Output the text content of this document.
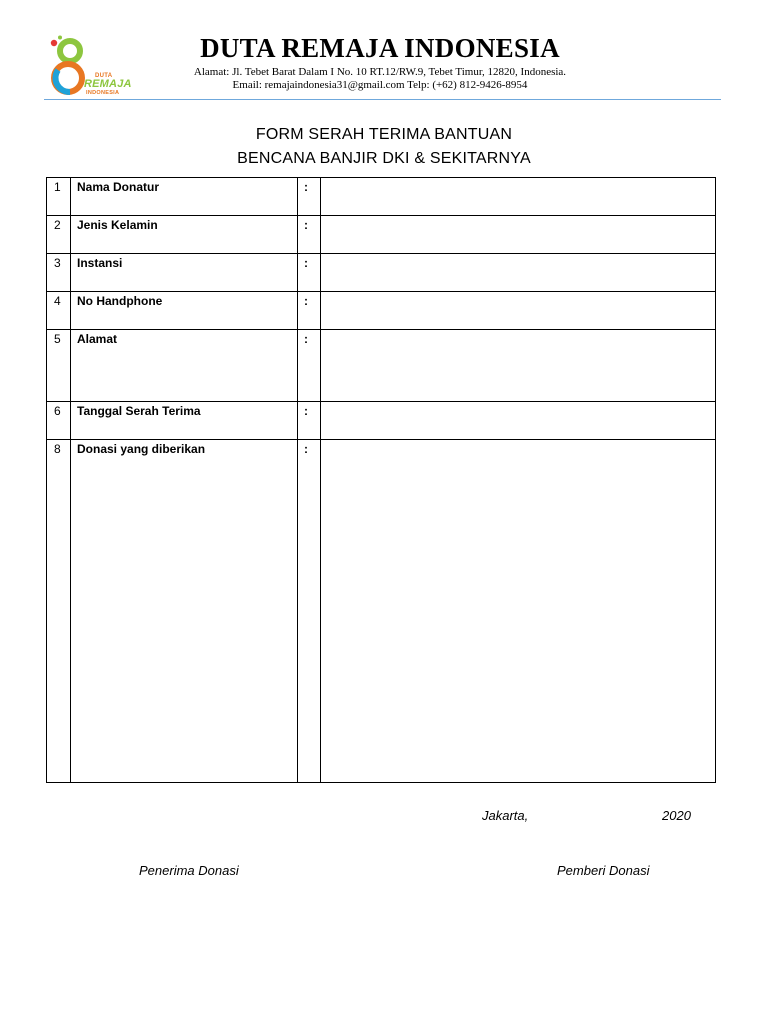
DUTA
REMAJA
INDONESIA
DUTA REMAJA INDONESIA
Alamat: Jl. Tebet Barat Dalam I No. 10 RT.12/RW.9, Tebet Timur, 12820, Indonesia.
Email: remajaindonesia31@gmail.com Telp: (+62) 812-9426-8954
FORM SERAH TERIMA BANTUAN
BENCANA BANJIR DKI & SEKITARNYA
1	Nama Donatur	:	
2	Jenis Kelamin	:	
3	Instansi	:	
4	No Handphone	:	
5	Alamat	:	
6	Tanggal Serah Terima	:	
8	Donasi yang diberikan	:	
Jakarta,	2020
Penerima Donasi	Pemberi Donasi
